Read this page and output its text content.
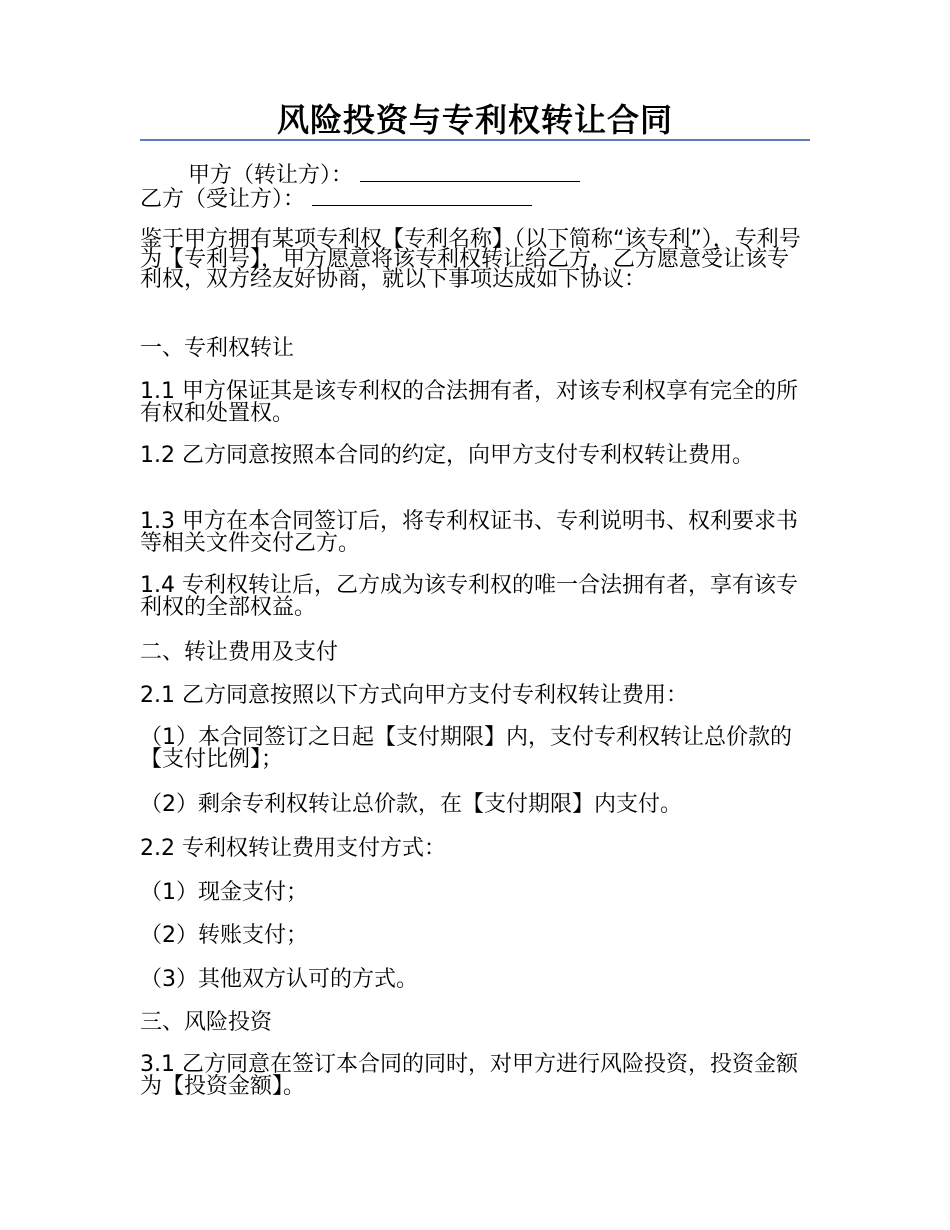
风险投资与专利权转让合同
甲方（转让方）：
乙方（受让方）：
鉴于甲方拥有某项专利权【专利名称】（以下简称“该专利”），专利号为【专利号】，甲方愿意将该专利权转让给乙方，乙方愿意受让该专利权，双方经友好协商，就以下事项达成如下协议：
一、专利权转让
1.1 甲方保证其是该专利权的合法拥有者，对该专利权享有完全的所有权和处置权。
1.2 乙方同意按照本合同的约定，向甲方支付专利权转让费用。
1.3 甲方在本合同签订后，将专利权证书、专利说明书、权利要求书等相关文件交付乙方。
1.4 专利权转让后，乙方成为该专利权的唯一合法拥有者，享有该专利权的全部权益。
二、转让费用及支付
2.1 乙方同意按照以下方式向甲方支付专利权转让费用：
（1）本合同签订之日起【支付期限】内，支付专利权转让总价款的【支付比例】；
（2）剩余专利权转让总价款，在【支付期限】内支付。
2.2 专利权转让费用支付方式：
（1）现金支付；
（2）转账支付；
（3）其他双方认可的方式。
三、风险投资
3.1 乙方同意在签订本合同的同时，对甲方进行风险投资，投资金额为【投资金额】。
